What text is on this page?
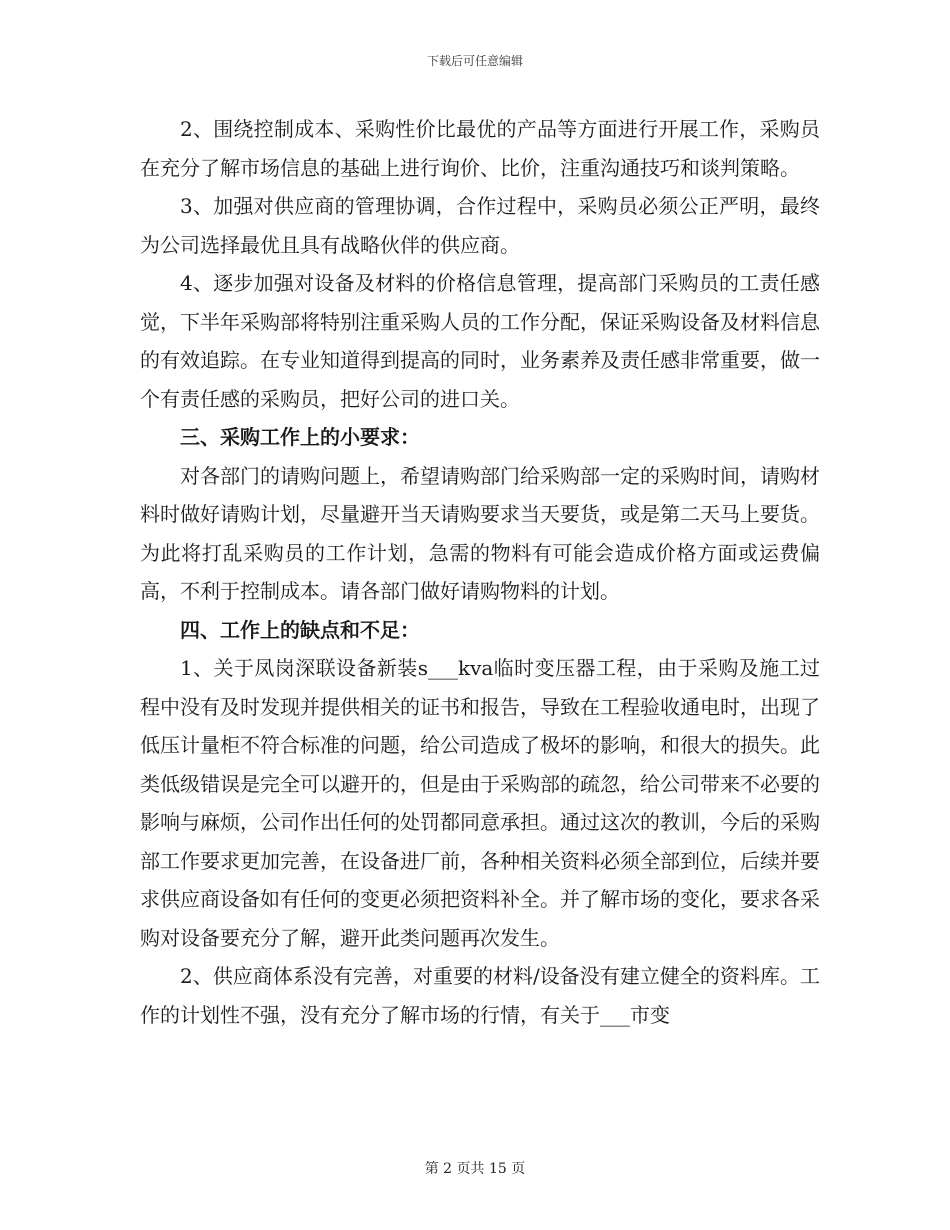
下载后可任意编辑

2、围绕控制成本、采购性价比最优的产品等方面进行开展工作，采购员在充分了解市场信息的基础上进行询价、比价，注重沟通技巧和谈判策略。

3、加强对供应商的管理协调，合作过程中，采购员必须公正严明，最终为公司选择最优且具有战略伙伴的供应商。

4、逐步加强对设备及材料的价格信息管理，提高部门采购员的工责任感觉，下半年采购部将特别注重采购人员的工作分配，保证采购设备及材料信息的有效追踪。在专业知道得到提高的同时，业务素养及责任感非常重要，做一个有责任感的采购员，把好公司的进口关。

三、采购工作上的小要求：

对各部门的请购问题上，希望请购部门给采购部一定的采购时间，请购材料时做好请购计划，尽量避开当天请购要求当天要货，或是第二天马上要货。为此将打乱采购员的工作计划，急需的物料有可能会造成价格方面或运费偏高，不利于控制成本。请各部门做好请购物料的计划。

四、工作上的缺点和不足：

1、关于凤岗深联设备新装s___kva临时变压器工程，由于采购及施工过程中没有及时发现并提供相关的证书和报告，导致在工程验收通电时，出现了低压计量柜不符合标准的问题，给公司造成了极坏的影响，和很大的损失。此类低级错误是完全可以避开的，但是由于采购部的疏忽，给公司带来不必要的影响与麻烦，公司作出任何的处罚都同意承担。通过这次的教训，今后的采购部工作要求更加完善，在设备进厂前，各种相关资料必须全部到位，后续并要求供应商设备如有任何的变更必须把资料补全。并了解市场的变化，要求各采购对设备要充分了解，避开此类问题再次发生。

2、供应商体系没有完善，对重要的材料/设备没有建立健全的资料库。工作的计划性不强，没有充分了解市场的行情，有关于___市变

第 2 页共 15 页
